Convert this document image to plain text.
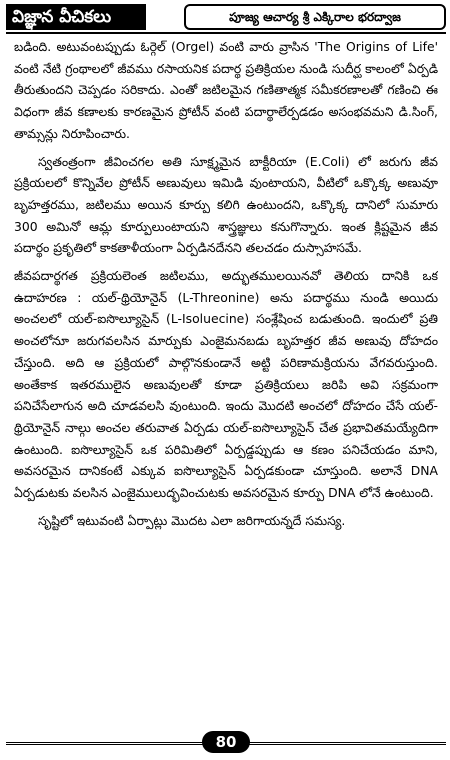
విజ్ఞాన వీచికలు	పూజ్య ఆచార్య శ్రీ ఎక్కిరాల భరద్వాజ

బడింది. అటువంటప్పుడు ఓర్గెల్ (Orgel) వంటి వారు వ్రాసిన 'The Origins of Life' వంటి నేటి గ్రంథాలలో జీవము రసాయనిక పదార్థ ప్రతిక్రియల నుండి సుదీర్ఘ కాలంలో ఏర్పడి తీరుతుందని చెప్పడం సరికాదు. ఎంతో జటిలమైన గణితాత్మక సమీకరణాలతో గణించి ఈ విధంగా జీవ కణాలకు కారణమైన ప్రోటీన్ వంటి పదార్థాలేర్పడడం అసంభవమని డి.సింగ్, తామ్సన్లు నిరూపించారు.

స్వతంత్రంగా జీవించగల అతి సూక్ష్మమైన బాక్టీరియా (E.Coli) లో జరుగు జీవ ప్రక్రియలలో కొన్నివేల ప్రోటీన్ అణువులు ఇమిడి వుంటాయని, వీటిలో ఒక్కొక్క అణువూ బృహత్తరము, జటిలము అయిన కూర్పు కలిగి ఉంటుందని, ఒక్కొక్క దానిలో సుమారు 300 అమినో ఆమ్ల కూర్పులుంటాయని శాస్త్రజ్ఞులు కనుగొన్నారు. ఇంత క్లిష్టమైన జీవ పదార్థం ప్రకృతిలో కాకతాళీయంగా ఏర్పడినదేనని తలచడం దుస్సాహసమే.

జీవపదార్థగత ప్రక్రియలెంత జటిలము, అద్భుతములయినవో తెలియ దానికి ఒక ఉదాహరణ : యల్-థ్రియోనైన్ (L-Threonine) అను పదార్థము నుండి అయిదు అంచలలో యల్-ఐసొల్యూసైన్ (L-Isoluecine) సంశ్లేషించ బడుతుంది. ఇందులో ప్రతి అంచలోనూ జరుగవలసిన మార్పుకు ఎంజైమనబడు బృహత్తర జీవ అణువు దోహదం చేస్తుంది. అది ఆ ప్రక్రియలో పాల్గొనకుండానే అట్టి పరిణామక్రియను వేగవరుస్తుంది. అంతేకాక ఇతరములైన అణువులతో కూడా ప్రతిక్రియలు జరిపి అవి సక్రమంగా పనిచేసేలాగున అది చూడవలసి వుంటుంది. ఇందు మొదటి అంచలో దోహదం చేసే యల్-థ్రియోనైన్ నాల్గు అంచల తరువాత ఏర్పడు యల్-ఐసొల్యూసైన్ చేత ప్రభావితమయ్యేదిగా ఉంటుంది. ఐసొల్యూసైన్ ఒక పరిమితిలో ఏర్పడ్డప్పుడు ఆ కణం పనిచేయడం మాని, అవసరమైన దానికంటే ఎక్కువ ఐసొల్యూసైన్ ఏర్పడకుండా చూస్తుంది. అలానే DNA ఏర్పడుటకు వలసిన ఎంజైములుద్భవించుటకు అవసరమైన కూర్పు DNA లోనే ఉంటుంది.

సృష్టిలో ఇటువంటి ఏర్పాట్లు మొదట ఎలా జరిగాయన్నదే సమస్య.

80
